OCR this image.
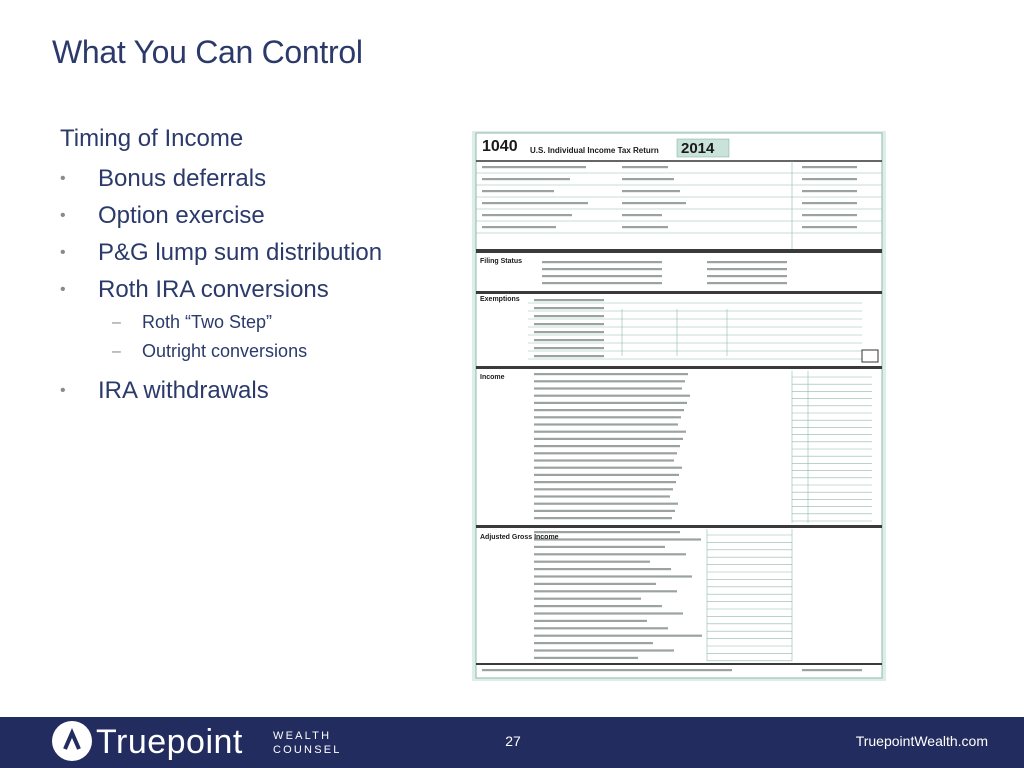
What You Can Control
Timing of Income
• Bonus deferrals
• Option exercise
• P&G lump sum distribution
• Roth IRA conversions
– Roth “Two Step”
– Outright conversions
• IRA withdrawals
1040 U.S. Individual Income Tax Return 2014
Filing Status
Exemptions
Income
Adjusted Gross Income
Truepoint	WEALTH
COUNSEL
27	TruepointWealth.com
